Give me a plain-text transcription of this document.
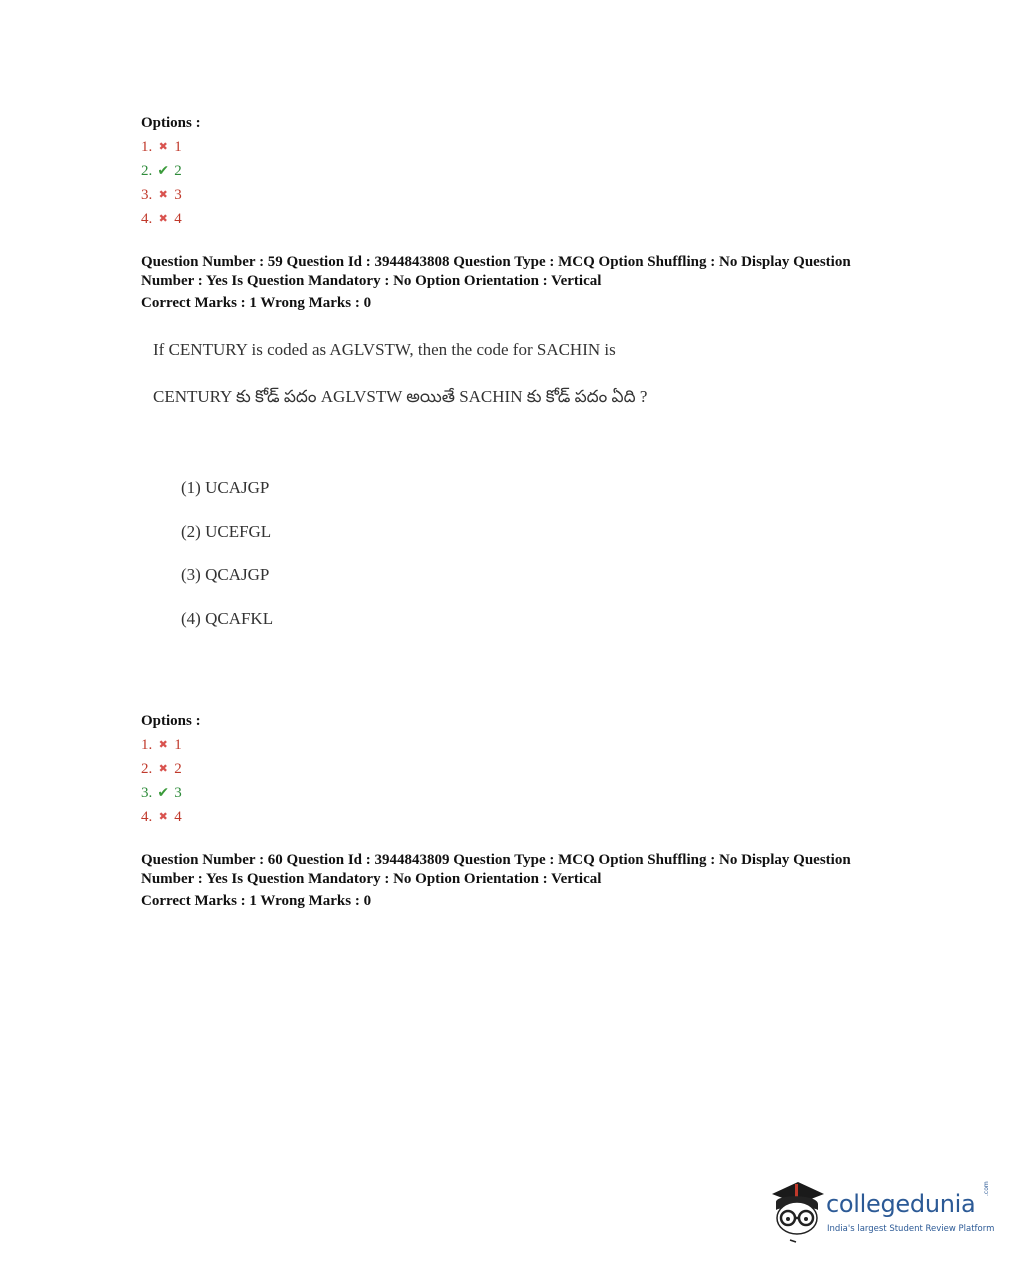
Options :
1. ✖ 1
2. ✔ 2
3. ✖ 3
4. ✖ 4
Question Number : 59 Question Id : 3944843808 Question Type : MCQ Option Shuffling : No Display Question
Number : Yes Is Question Mandatory : No Option Orientation : Vertical
Correct Marks : 1 Wrong Marks : 0
If CENTURY is coded as AGLVSTW, then the code for SACHIN is
CENTURY కు కోడ్ పదం AGLVSTW అయితే SACHIN కు కోడ్ పదం ఏది ?
(1) UCAJGP
(2) UCEFGL
(3) QCAJGP
(4) QCAFKL
Options :
1. ✖ 1
2. ✖ 2
3. ✔ 3
4. ✖ 4
Question Number : 60 Question Id : 3944843809 Question Type : MCQ Option Shuffling : No Display Question
Number : Yes Is Question Mandatory : No Option Orientation : Vertical
Correct Marks : 1 Wrong Marks : 0
collegedunia
.com
India's largest Student Review Platform
